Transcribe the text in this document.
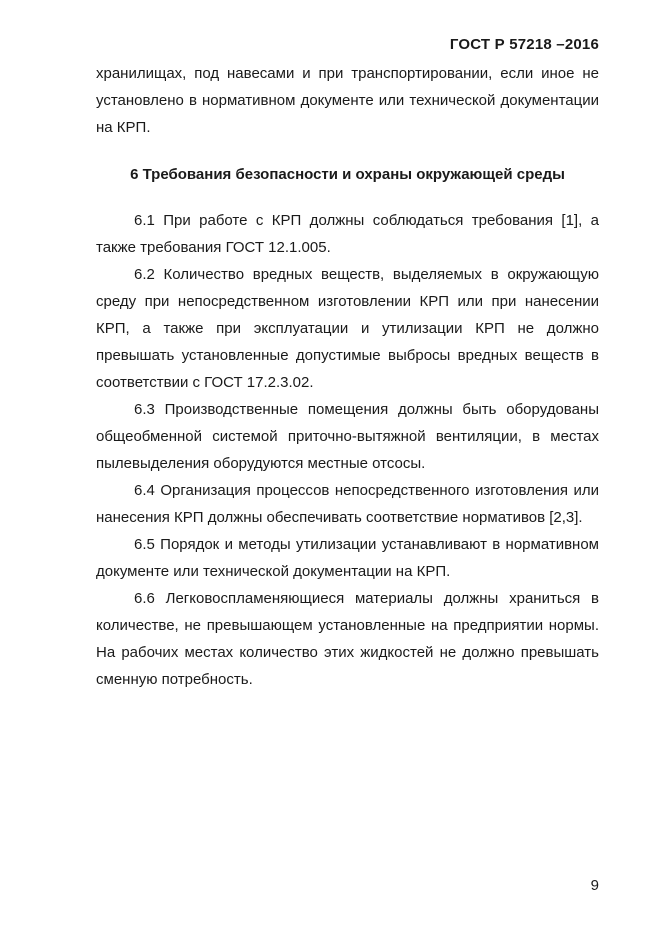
ГОСТ Р 57218 –2016

хранилищах, под навесами и при транспортировании, если иное не установлено в нормативном документе или технической документации на КРП.

6 Требования безопасности и охраны окружающей среды

6.1 При работе с КРП должны соблюдаться требования [1], а также требования ГОСТ 12.1.005.

6.2 Количество вредных веществ, выделяемых в окружающую среду при непосредственном изготовлении КРП или при нанесении КРП, а также при эксплуатации и утилизации КРП не должно превышать установленные допустимые выбросы вредных веществ в соответствии с ГОСТ 17.2.3.02.

6.3 Производственные помещения должны быть оборудованы общеобменной системой приточно-вытяжной вентиляции, в местах пылевыделения оборудуются местные отсосы.

6.4 Организация процессов непосредственного изготовления или нанесения КРП должны обеспечивать соответствие нормативов [2,3].

6.5 Порядок и методы утилизации устанавливают в нормативном документе или технической документации на КРП.

6.6 Легковоспламеняющиеся материалы должны храниться в количестве, не превышающем установленные на предприятии нормы. На рабочих местах количество этих жидкостей не должно превышать сменную потребность.

9
